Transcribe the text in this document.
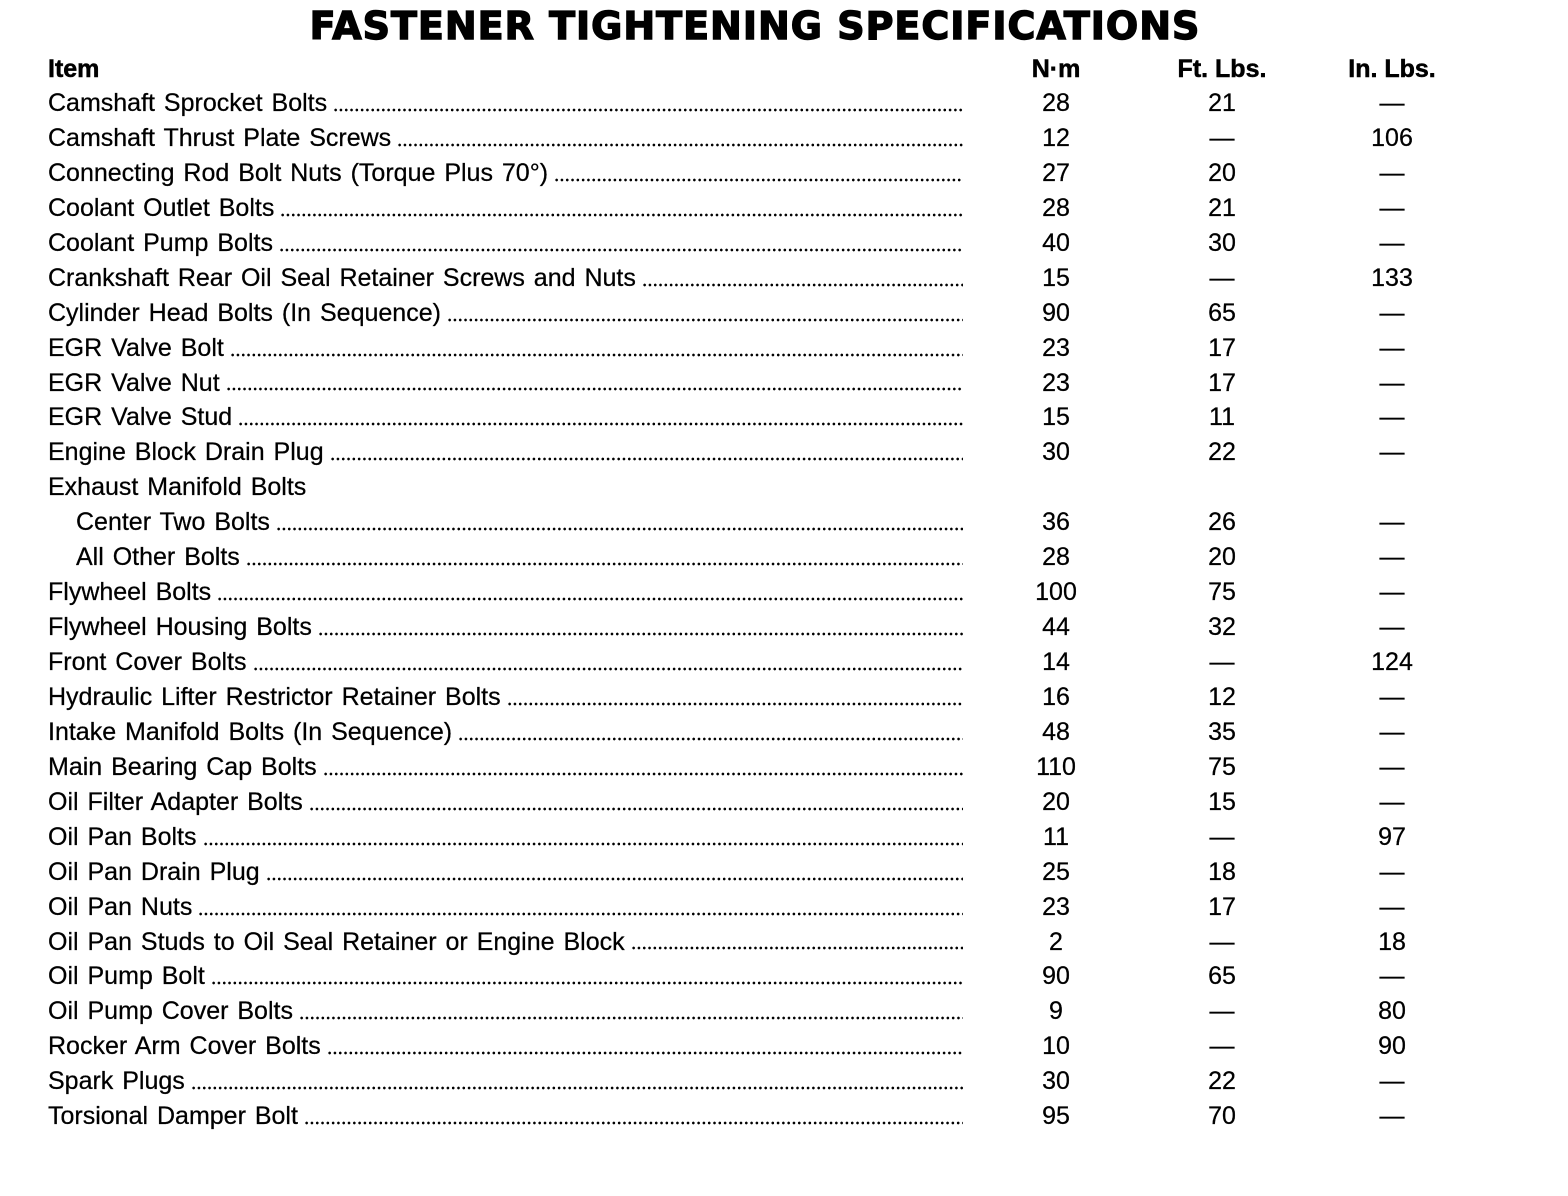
FASTENER TIGHTENING SPECIFICATIONS
Item	N·m	Ft. Lbs.	In. Lbs.
Camshaft Sprocket Bolts	28	21	—
Camshaft Thrust Plate Screws	12	—	106
Connecting Rod Bolt Nuts (Torque Plus 70°)	27	20	—
Coolant Outlet Bolts	28	21	—
Coolant Pump Bolts	40	30	—
Crankshaft Rear Oil Seal Retainer Screws and Nuts	15	—	133
Cylinder Head Bolts (In Sequence)	90	65	—
EGR Valve Bolt	23	17	—
EGR Valve Nut	23	17	—
EGR Valve Stud	15	11	—
Engine Block Drain Plug	30	22	—
Exhaust Manifold Bolts
Center Two Bolts	36	26	—
All Other Bolts	28	20	—
Flywheel Bolts	100	75	—
Flywheel Housing Bolts	44	32	—
Front Cover Bolts	14	—	124
Hydraulic Lifter Restrictor Retainer Bolts	16	12	—
Intake Manifold Bolts (In Sequence)	48	35	—
Main Bearing Cap Bolts	110	75	—
Oil Filter Adapter Bolts	20	15	—
Oil Pan Bolts	11	—	97
Oil Pan Drain Plug	25	18	—
Oil Pan Nuts	23	17	—
Oil Pan Studs to Oil Seal Retainer or Engine Block	2	—	18
Oil Pump Bolt	90	65	—
Oil Pump Cover Bolts	9	—	80
Rocker Arm Cover Bolts	10	—	90
Spark Plugs	30	22	—
Torsional Damper Bolt	95	70	—
